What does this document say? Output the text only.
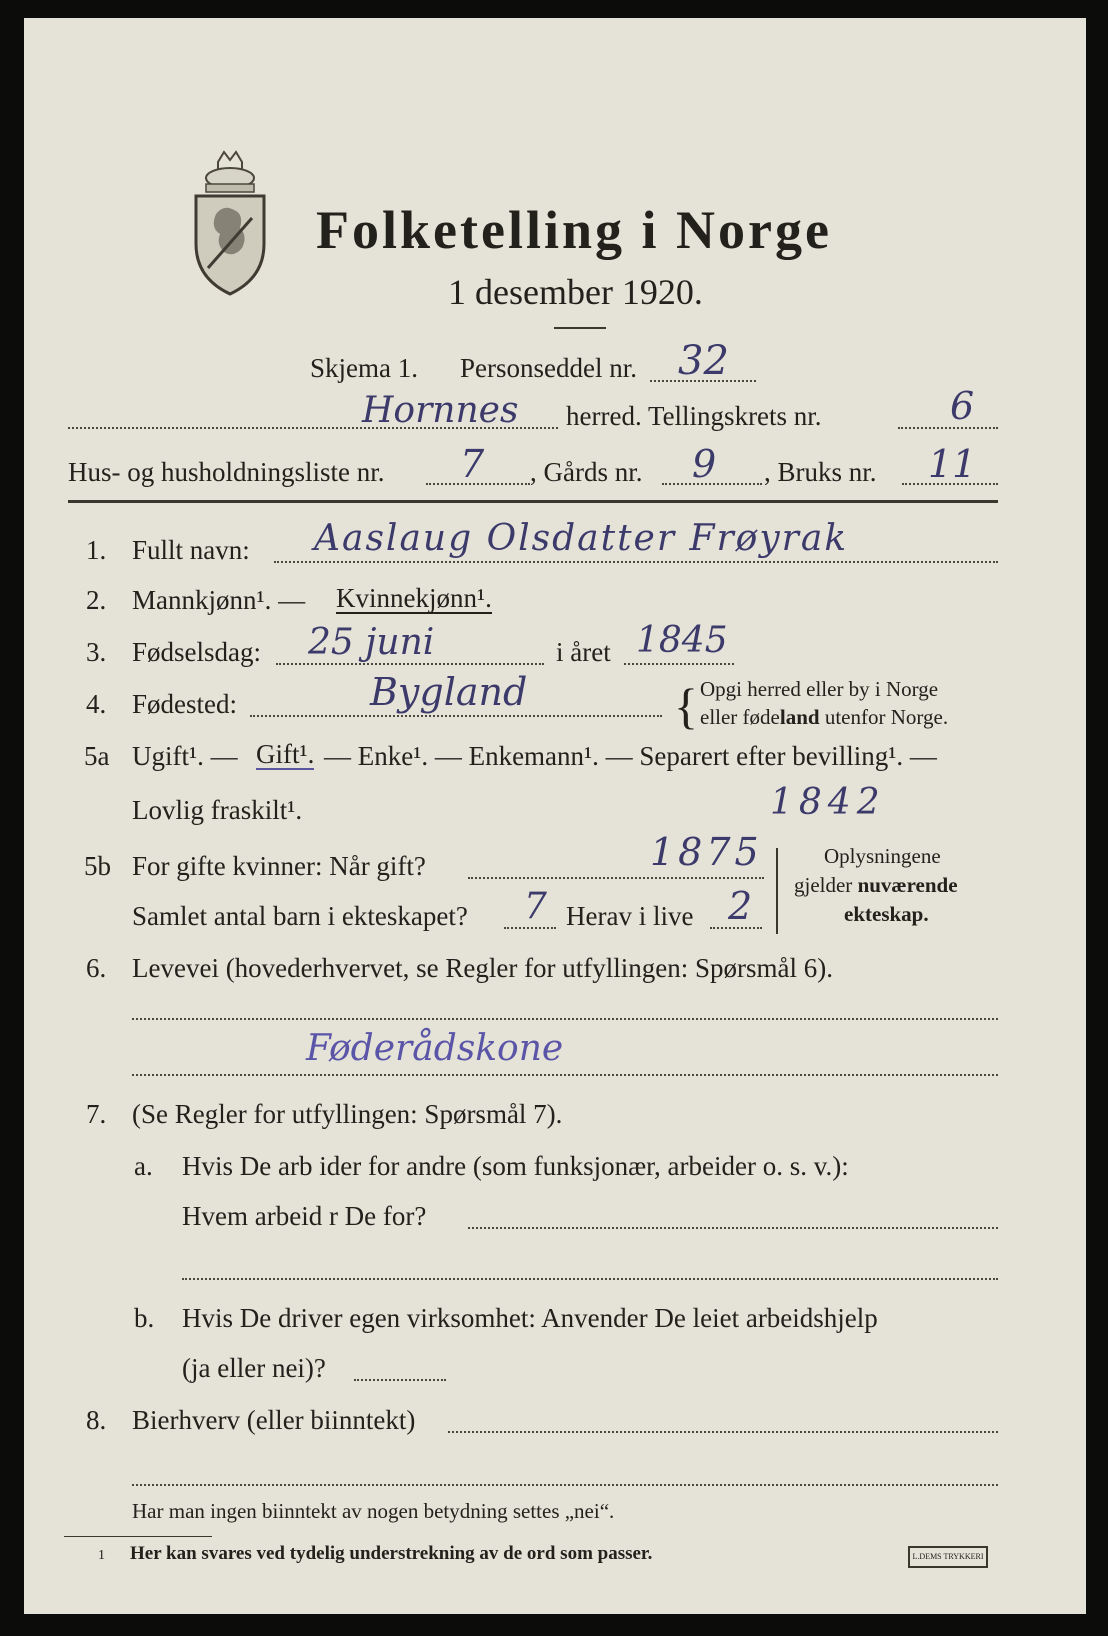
Folketelling i Norge
1 desember 1920.
Skjema 1. Personseddel nr. 32
Hornnes herred. Tellingskrets nr.	6
Hus- og husholdningsliste nr. 7 , Gårds nr. 9 , Bruks nr. 11
1. Fullt navn: Aaslaug Olsdatter Frøyrak
2. Mannkjønn¹. — Kvinnekjønn¹.
3. Fødselsdag: 25 juni	i året 1845
4. Fødested:	Bygland	{ Opgi herred eller by i Norge
eller fødeland utenfor Norge.
5a Ugift¹. — Gift¹. — Enke¹. — Enkemann¹. — Separert efter bevilling¹. —
Lovlig fraskilt¹.	1842
5b For gifte kvinner: Når gift?	1875
Samlet antal barn i ekteskapet? 7 Herav i live 2
Oplysningene
gjelder nuværende
ekteskap.
6. Levevei (hovederhvervet, se Regler for utfyllingen: Spørsmål 6).
Føderådskone
7. (Se Regler for utfyllingen: Spørsmål 7).
a. Hvis De arb ider for andre (som funksjonær, arbeider o. s. v.):
Hvem arbeid r De for?
b. Hvis De driver egen virksomhet: Anvender De leiet arbeidshjelp
(ja eller nei)?
8. Bierhverv (eller biinntekt)
Har man ingen biinntekt av nogen betydning settes „nei“.
1 Her kan svares ved tydelig understrekning av de ord som passer.	L.DEMS TRYKKERI
